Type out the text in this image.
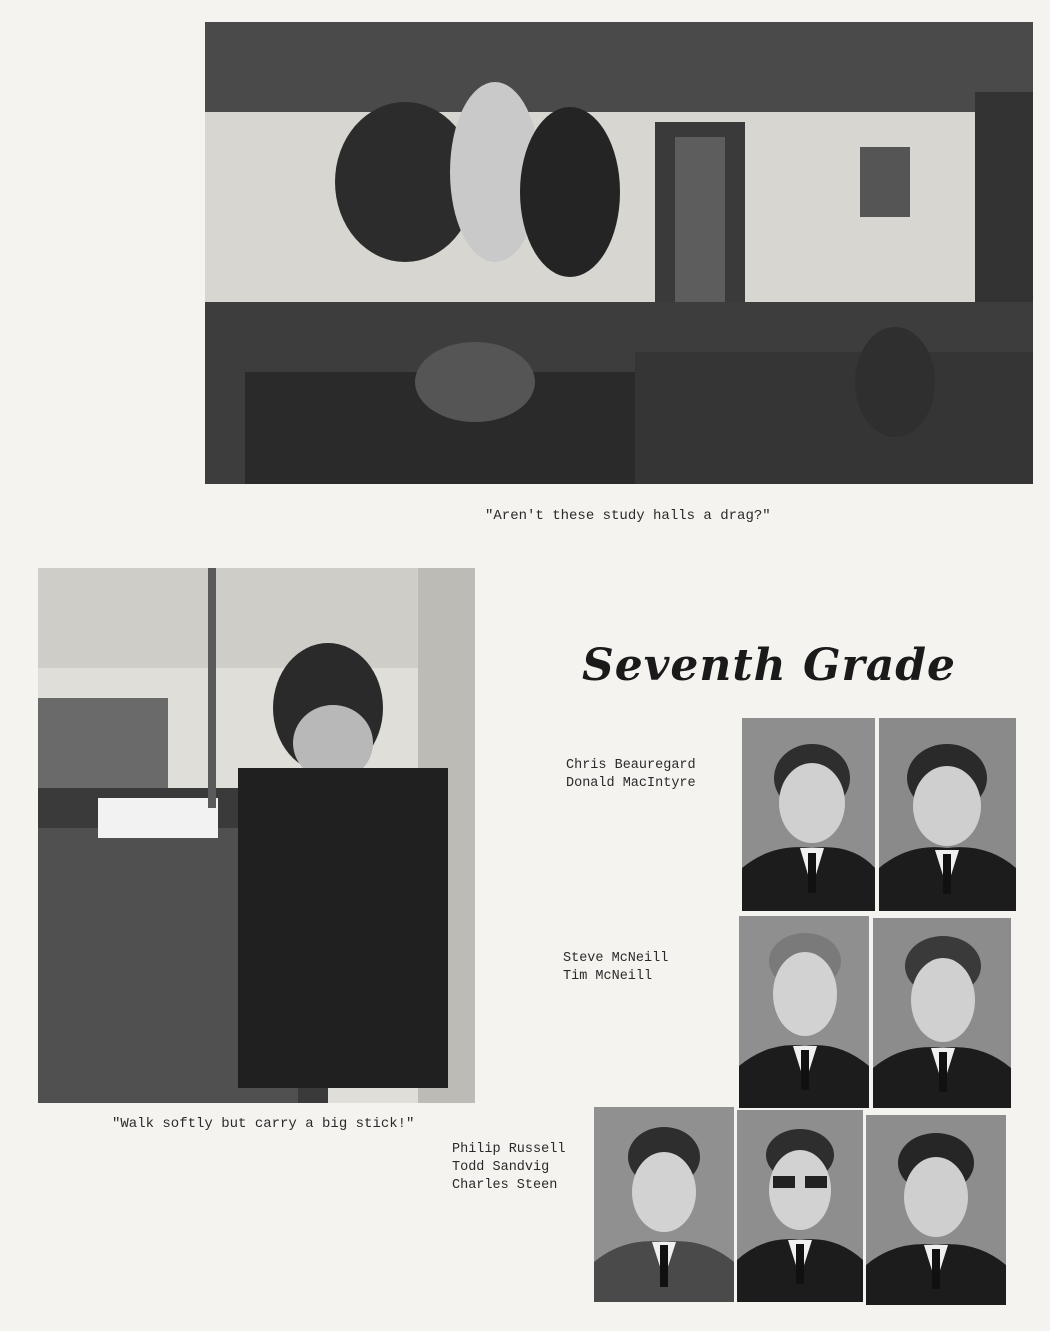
"Aren't these study halls a drag?"
"Walk softly but carry a big stick!"
Seventh Grade
Chris Beauregard
Donald MacIntyre
Steve McNeill
Tim McNeill
Philip Russell
Todd Sandvig
Charles Steen
